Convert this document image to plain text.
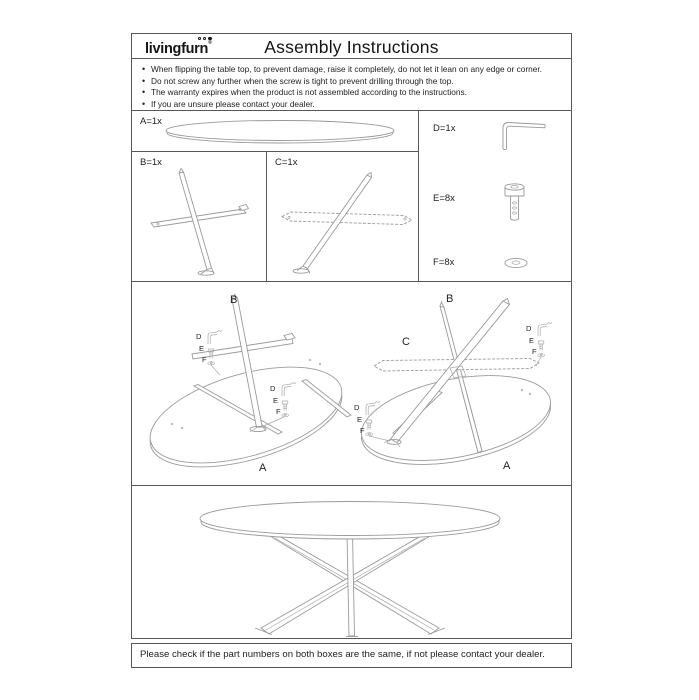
livingfurn®	Assembly Instructions
• When flipping the table top, to prevent damage, raise it completely, do not let it lean on any edge or corner.
• Do not screw any further when the screw is tight to prevent drilling through the top.
• The warranty expires when the product is not assembled according to the instructions.
• If you are unsure please contact your dealer.
A=1x
B=1x	C=1x
D=1x
E=8x
F=8x
D
E
F
D
E
F
B
A
D
E
F
D
E
F
B
C
A
Please check if the part numbers on both boxes are the same, if not please contact your dealer.
